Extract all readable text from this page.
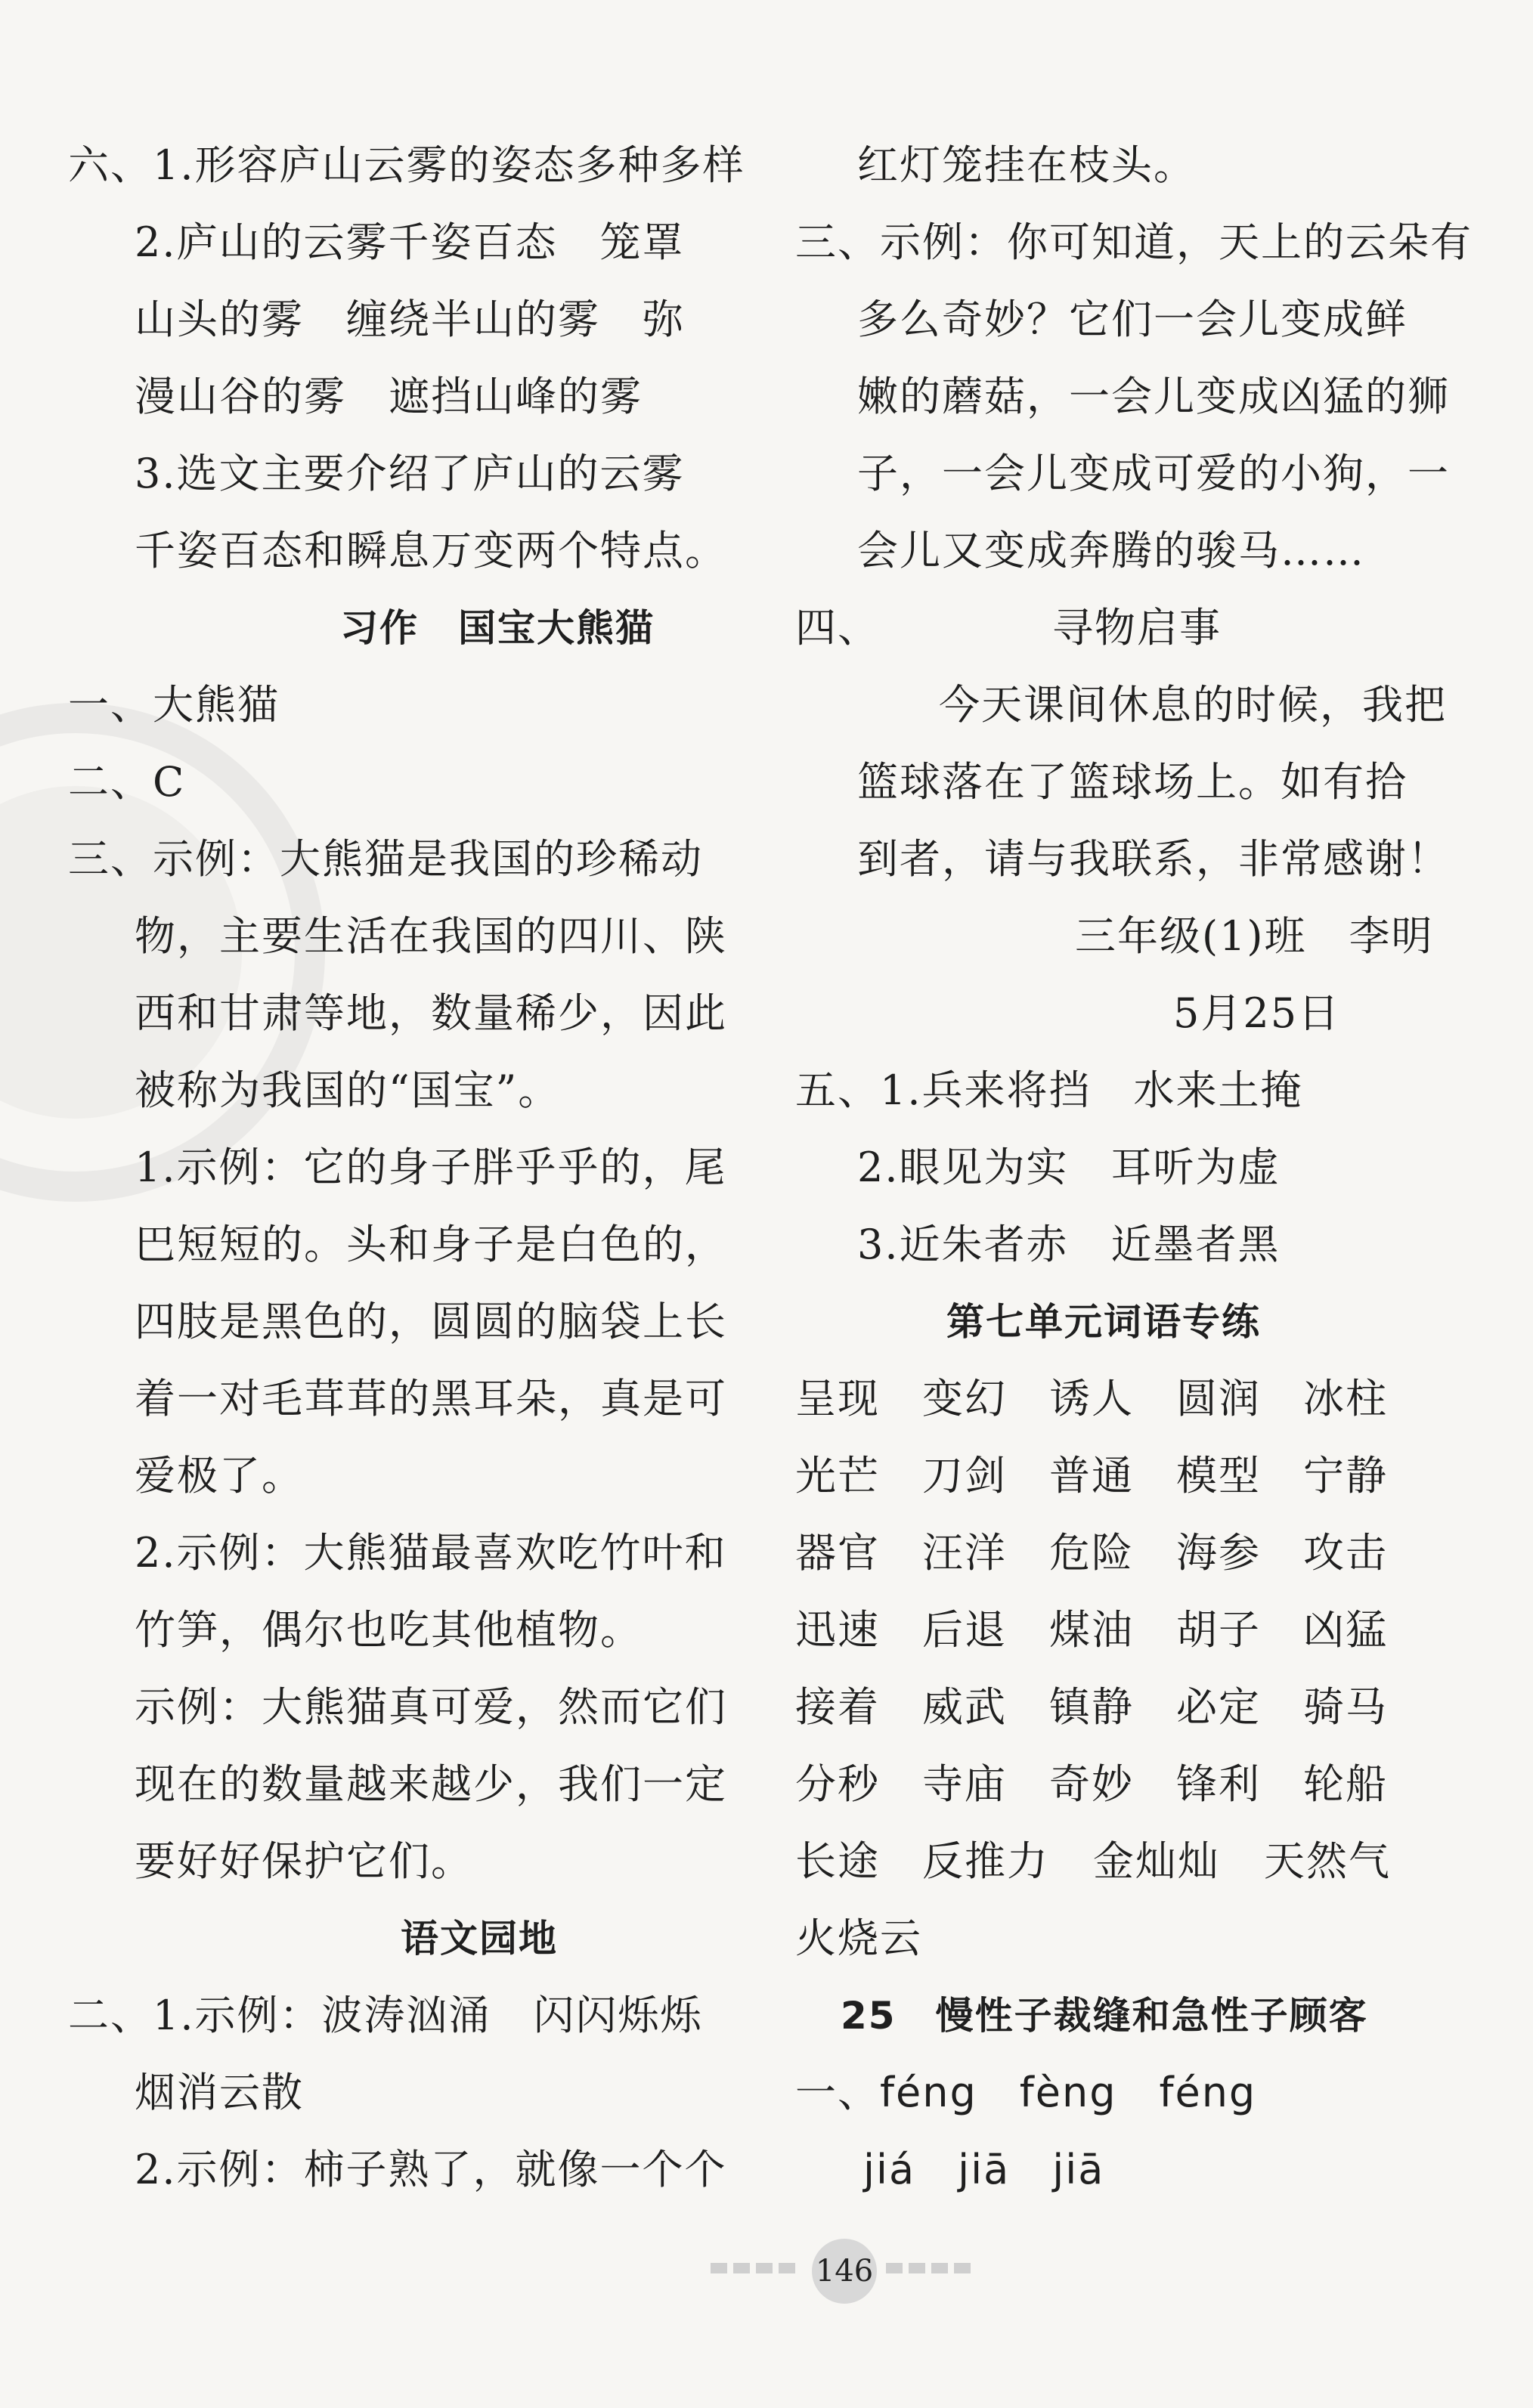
六、1.形容庐山云雾的姿态多种多样
2.庐山的云雾千姿百态　笼罩
山头的雾　缠绕半山的雾　弥
漫山谷的雾　遮挡山峰的雾
3.选文主要介绍了庐山的云雾
千姿百态和瞬息万变两个特点。
习作　国宝大熊猫
一、大熊猫
二、C
三、示例：大熊猫是我国的珍稀动
物，主要生活在我国的四川、陕
西和甘肃等地，数量稀少，因此
被称为我国的“国宝”。
1.示例：它的身子胖乎乎的，尾
巴短短的。头和身子是白色的，
四肢是黑色的，圆圆的脑袋上长
着一对毛茸茸的黑耳朵，真是可
爱极了。
2.示例：大熊猫最喜欢吃竹叶和
竹笋，偶尔也吃其他植物。
示例：大熊猫真可爱，然而它们
现在的数量越来越少，我们一定
要好好保护它们。
语文园地
二、1.示例：波涛汹涌　闪闪烁烁
烟消云散
2.示例：柿子熟了，就像一个个
红灯笼挂在枝头。
三、示例：你可知道，天上的云朵有
多么奇妙？它们一会儿变成鲜
嫩的蘑菇，一会儿变成凶猛的狮
子，一会儿变成可爱的小狗，一
会儿又变成奔腾的骏马……
四、	寻物启事
今天课间休息的时候，我把
篮球落在了篮球场上。如有拾
到者，请与我联系，非常感谢！
三年级(1)班　李明
5月25日
五、1.兵来将挡　水来土掩
2.眼见为实　耳听为虚
3.近朱者赤　近墨者黑
第七单元词语专练
呈现 变幻 诱人 圆润 冰柱
光芒 刀剑 普通 模型 宁静
器官 汪洋 危险 海参 攻击
迅速 后退 煤油 胡子 凶猛
接着 威武 镇静 必定 骑马
分秒 寺庙 奇妙 锋利 轮船
长途 反推力 金灿灿 天然气
火烧云
25　慢性子裁缝和急性子顾客
一、féng　fèng　féng
jiá　jiā　jiā
146
